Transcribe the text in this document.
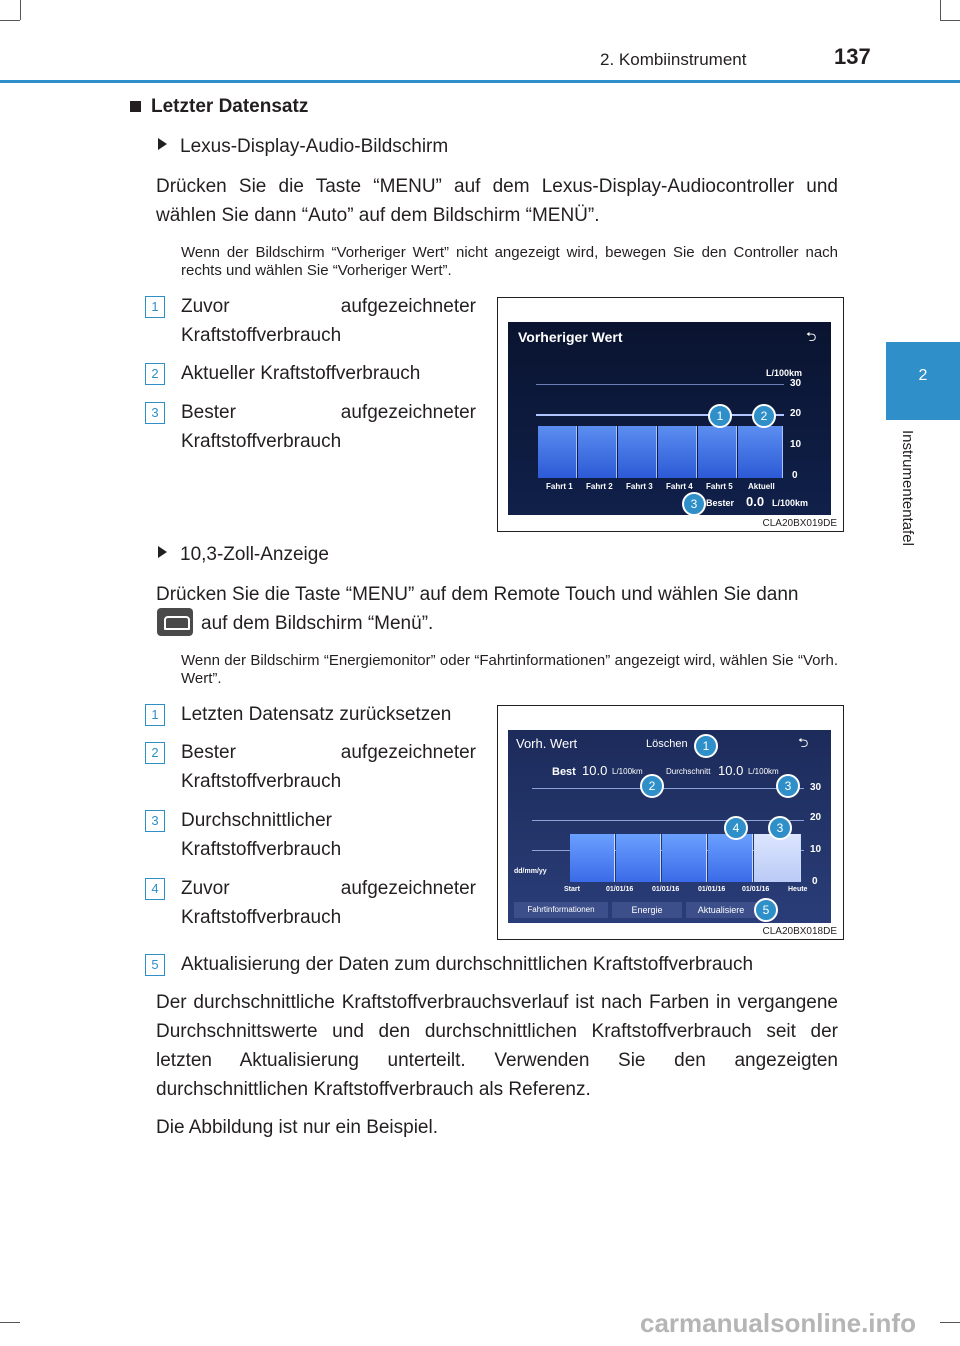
2. Kombiinstrument	137
2
Instrumententafel
Letzter Datensatz
Lexus-Display-Audio-Bildschirm
Drücken Sie die Taste “MENU” auf dem Lexus-Display-Audiocontroller und wählen Sie dann “Auto” auf dem Bildschirm “MENÜ”.
Wenn der Bildschirm “Vorheriger Wert” nicht angezeigt wird, bewegen Sie den Controller nach rechts und wählen Sie “Vorheriger Wert”.
1	Zuvor aufgezeichneter Kraftstoffverbrauch
2	Aktueller Kraftstoffverbrauch
3	Bester aufgezeichneter Kraftstoffverbrauch
Vorheriger Wert	⮌
L/100km
30
20
10
0
Fahrt 1 Fahrt 2 Fahrt 3 Fahrt 4 Fahrt 5 Aktuell
Bester 0.0 L/100km
1	2
3
CLA20BX019DE
10,3-Zoll-Anzeige
Drücken Sie die Taste “MENU” auf dem Remote Touch und wählen Sie dann
auf dem Bildschirm “Menü”.
Wenn der Bildschirm “Energiemonitor” oder “Fahrtinformationen” angezeigt wird, wählen Sie “Vorh. Wert”.
1	Letzten Datensatz zurücksetzen
2	Bester aufgezeichneter Kraftstoffverbrauch
3	Durchschnittlicher Kraftstoffverbrauch
4	Zuvor aufgezeichneter Kraftstoffverbrauch
5	Aktualisierung der Daten zum durchschnittlichen Kraftstoffverbrauch
Vorh. Wert	Löschen	⮌
Best 10.0 L/100km	Durchschnitt 10.0 L/100km
30
20
10
0
dd/mm/yy
Start	01/01/16	01/01/16	01/01/16 01/01/16	Heute
Fahrtinformationen	Energie	Aktualisiere
1
2	3
4	3
5
CLA20BX018DE
Der durchschnittliche Kraftstoffverbrauchsverlauf ist nach Farben in vergangene Durchschnittswerte und den durchschnittlichen Kraftstoffverbrauch seit der letzten Aktualisierung unterteilt. Verwenden Sie den angezeigten durchschnittlichen Kraftstoffverbrauch als Referenz.
Die Abbildung ist nur ein Beispiel.
carmanualsonline.info
